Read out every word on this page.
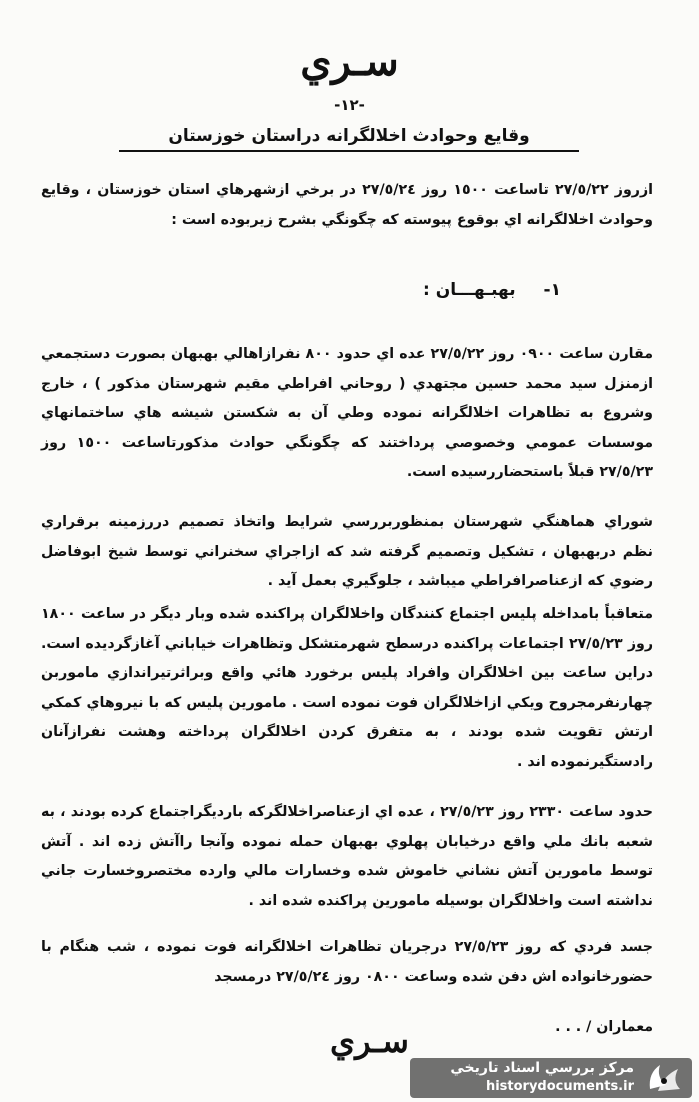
سـري
-١٢-
وقايع وحوادث اخلالگرانه دراستان خوزستان

ازروز ٢٧/٥/٢٢ تاساعت ١٥٠٠ روز ٢٧/٥/٢٤ در برخي ازشهرهاي استان خوزستان ، وقايع وحوادث اخلالگرانه اي بوقوع پيوسته كه چگونگي بشرح زيربوده است :

١- بهبـهـــان :

مقارن ساعت ٠٩٠٠ روز ٢٧/٥/٢٢ عده اي حدود ٨٠٠ نفرازاهالي بهبهان بصورت دستجمعي ازمنزل سيد محمد حسين مجتهدي ( روحاني افراطي مقيم شهرستان مذكور ) ، خارج وشروع به تظاهرات اخلالگرانه نموده وطي آن به شكستن شيشه هاي ساختمانهاي موسسات عمومي وخصوصي پرداختند كه چگونگي حوادث مذكورتاساعت ١٥٠٠ روز ٢٧/٥/٢٣ قبلاً باستحضاررسيده است.

شوراي هماهنگي شهرستان بمنظوربررسي شرايط واتخاذ تصميم دررزمينه برقراري نظم دربهبهان ، تشكيل وتصميم گرفته شد كه ازاجراي سخنراني توسط شيخ ابوفاضل رضوي كه ازعناصرافراطي ميباشد ، جلوگيري بعمل آيد .

متعاقباً بامداخله پليس اجتماع كنندگان واخلالگران پراكنده شده وبار ديگر در ساعت ١٨٠٠ روز ٢٧/٥/٢٣ اجتماعات پراكنده درسطح شهرمتشكل وتظاهرات خياباني آغازگرديده است. دراين ساعت بين اخلالگران وافراد پليس برخورد هائي واقع وبراثرتيراندازي ماموربن چهارنفرمجروح ويكي ازاخلالگران فوت نموده است . مامورين پليس كه با نيروهاي كمكي ارتش تقويت شده بودند ، به متفرق كردن اخلالگران پرداخته وهشت نفرازآنان رادستگيرنموده اند .

حدود ساعت ٢٣٣٠ روز ٢٧/٥/٢٣ ، عده اي ازعناصراخلالگركه باردیگراجتماع كرده بودند ، به شعبه بانك ملي واقع درخيابان پهلوي بهبهان حمله نموده وآنجا راآتش زده اند . آتش توسط مامورين آتش نشاني خاموش شده وخسارات مالي وارده مختصروخسارت جاني نداشته است واخلالگران بوسيله مامورين پراكنده شده اند .

جسد فردي كه روز ٢٧/٥/٢٣ درجريان تظاهرات اخلالگرانه فوت نموده ، شب هنگام با حضورخانواده اش دفن شده وساعت ٠٨٠٠ روز ٢٧/٥/٢٤ درمسجد

معماران / . . .
سـري
مركز بررسي اسناد تاريخي
historydocuments.ir
